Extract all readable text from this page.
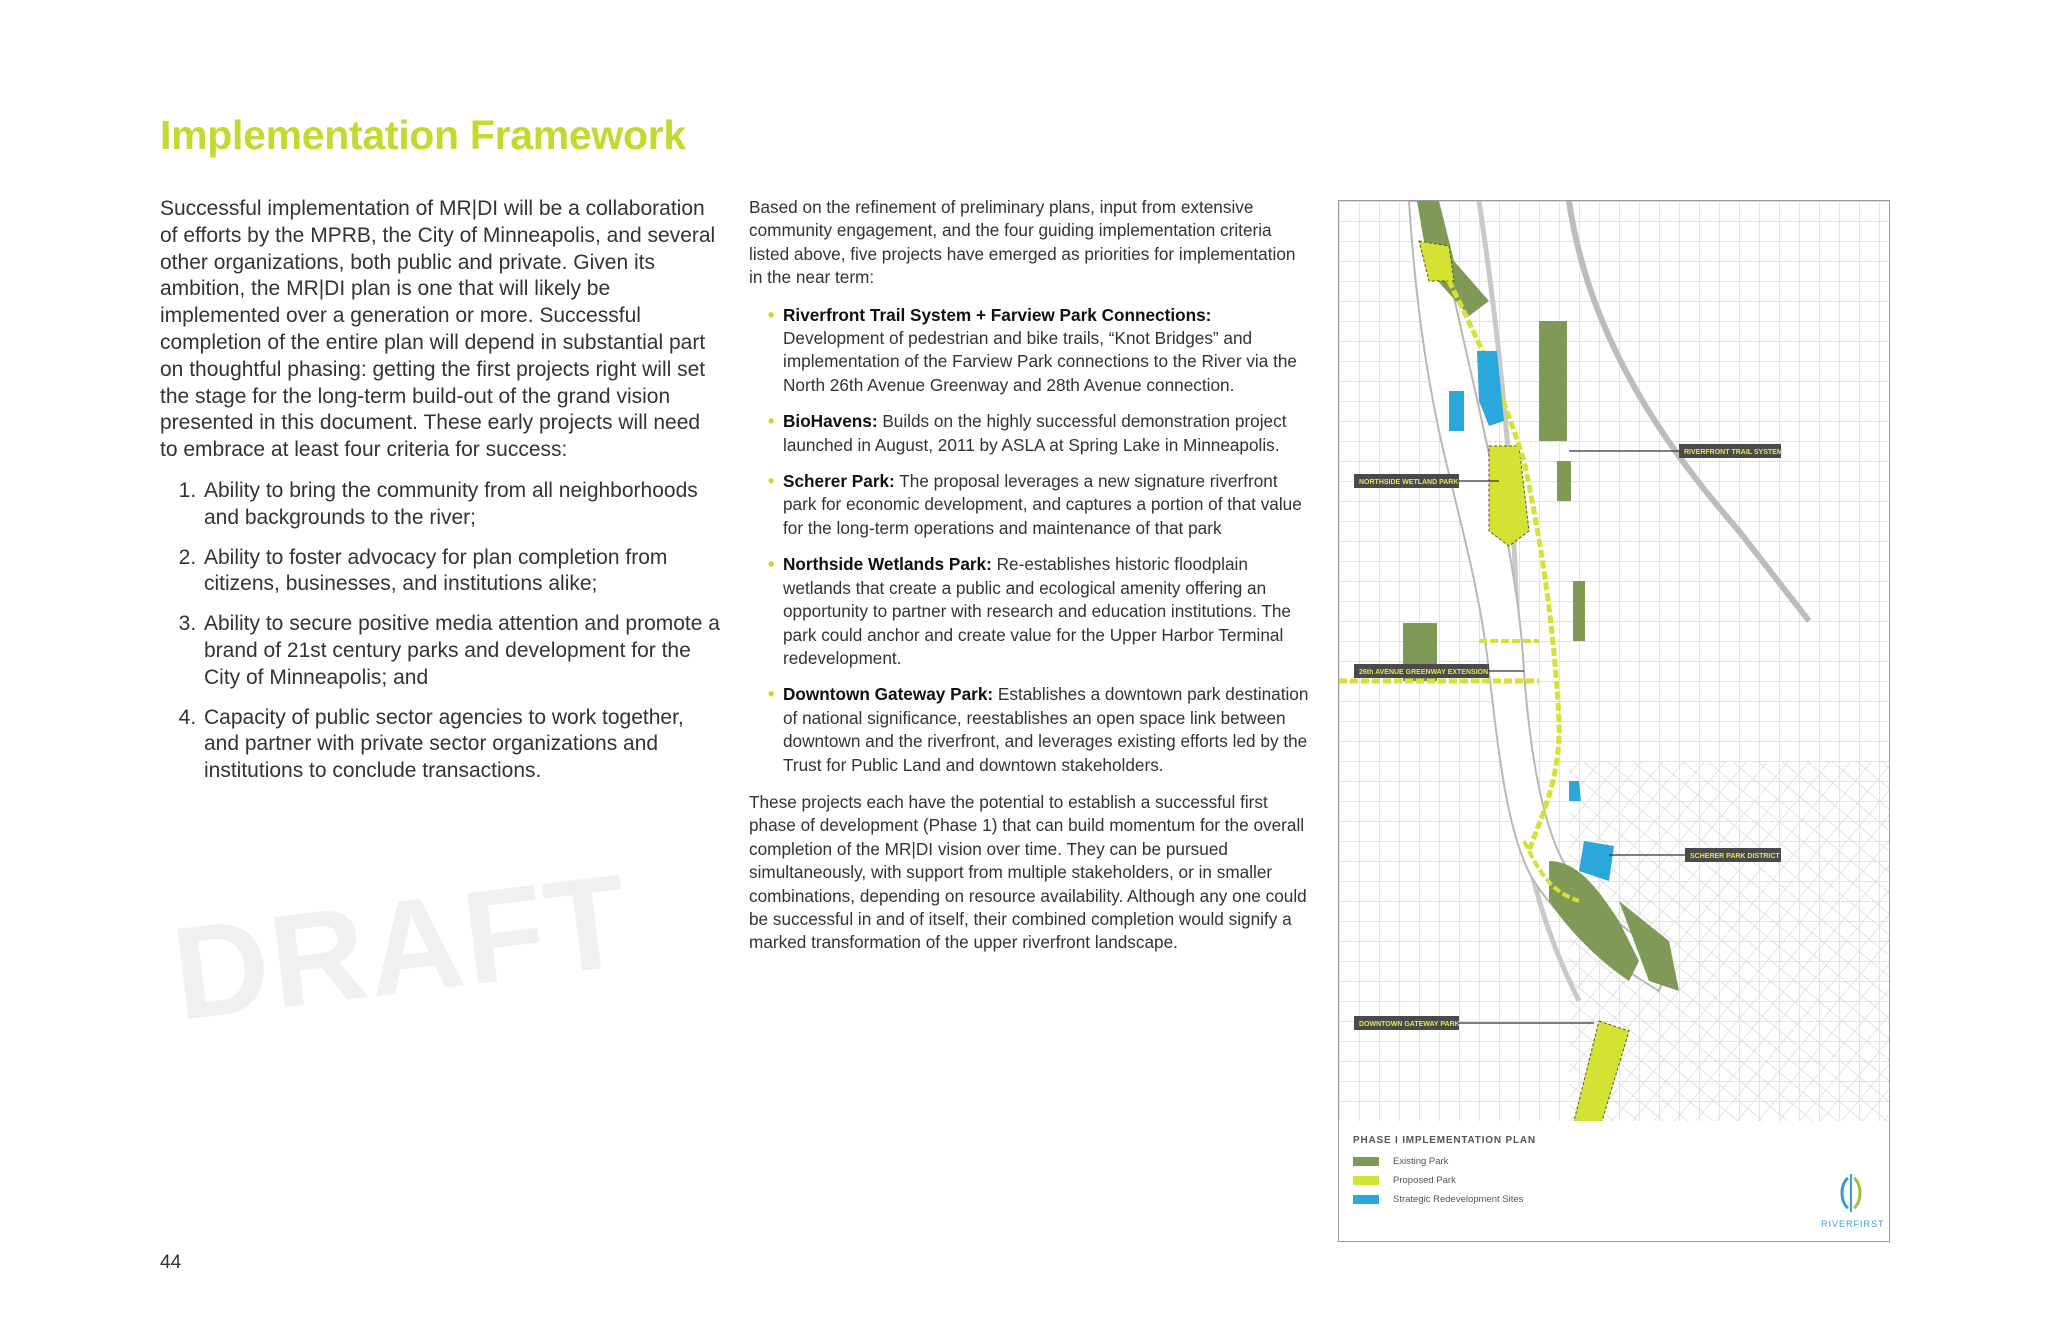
DRAFT
Implementation Framework

Successful implementation of MR|DI will be a collaboration of efforts by the MPRB, the City of Minneapolis, and several other organizations, both public and private. Given its ambition, the MR|DI plan is one that will likely be implemented over a generation or more. Successful completion of the entire plan will depend in substantial part on thoughtful phasing: getting the first projects right will set the stage for the long-term build-out of the grand vision presented in this document. These early projects will need to embrace at least four criteria for success:

1. Ability to bring the community from all neighborhoods and backgrounds to the river;
2. Ability to foster advocacy for plan completion from citizens, businesses, and institutions alike;
3. Ability to secure positive media attention and promote a brand of 21st century parks and development for the City of Minneapolis; and
4. Capacity of public sector agencies to work together, and partner with private sector organizations and institutions to conclude transactions.

Based on the refinement of preliminary plans, input from extensive community engagement, and the four guiding implementation criteria listed above, five projects have emerged as priorities for implementation in the near term:

• Riverfront Trail System + Farview Park Connections: Development of pedestrian and bike trails, “Knot Bridges” and implementation of the Farview Park connections to the River via the North 26th Avenue Greenway and 28th Avenue connection.
• BioHavens: Builds on the highly successful demonstration project launched in August, 2011 by ASLA at Spring Lake in Minneapolis.
• Scherer Park: The proposal leverages a new signature riverfront park for economic development, and captures a portion of that value for the long-term operations and maintenance of that park
• Northside Wetlands Park: Re-establishes historic floodplain wetlands that create a public and ecological amenity offering an opportunity to partner with research and education institutions. The park could anchor and create value for the Upper Harbor Terminal redevelopment.
• Downtown Gateway Park: Establishes a downtown park destination of national significance, reestablishes an open space link between downtown and the riverfront, and leverages existing efforts led by the Trust for Public Land and downtown stakeholders.

These projects each have the potential to establish a successful first phase of development (Phase 1) that can build momentum for the overall completion of the MR|DI vision over time. They can be pursued simultaneously, with support from multiple stakeholders, or in smaller combinations, depending on resource availability. Although any one could be successful in and of itself, their combined completion would signify a marked transformation of the upper riverfront landscape.

RIVERFRONT TRAIL SYSTEM
NORTHSIDE WETLAND PARK
26th AVENUE GREENWAY EXTENSION
SCHERER PARK DISTRICT
DOWNTOWN GATEWAY PARK
PHASE I IMPLEMENTATION PLAN
Existing Park
Proposed Park
Strategic Redevelopment Sites
RIVERFIRST
44
